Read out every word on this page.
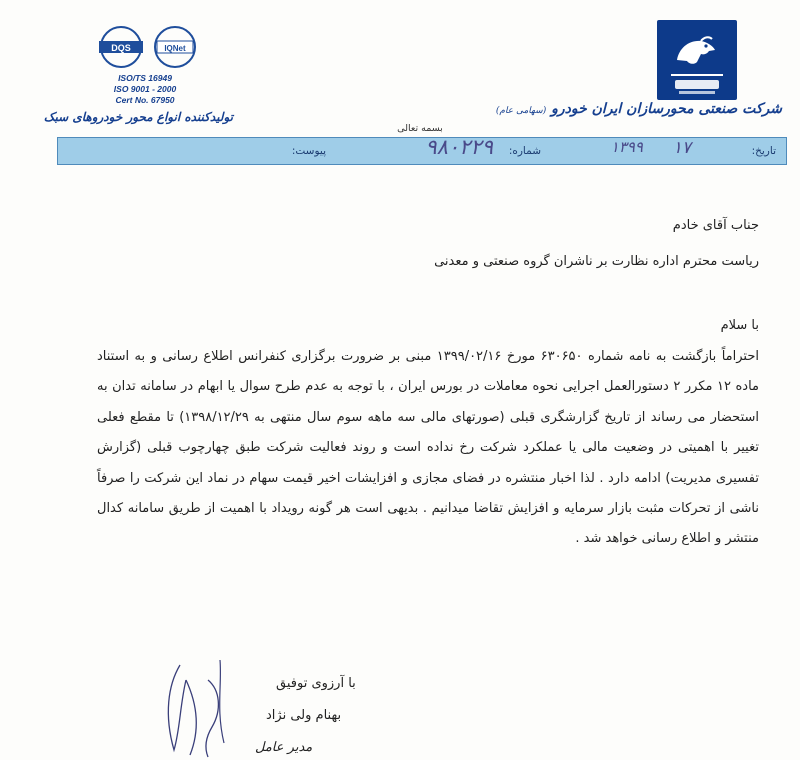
شرکت صنعتی محورسازان ایران خودرو (سهامی عام)
DQS	IQNet
ISO/TS 16949
ISO 9001 - 2000
Cert No. 67950
تولیدکننده انواع محور خودروهای سبک
بسمه تعالی
تاریخ:
۱۷
۱۳۹۹
شماره:
۹۸۰۲۲۹
پیوست:
جناب آقای خادم
ریاست محترم اداره نظارت بر ناشران گروه صنعتی و معدنی
با سلام
احتراماً بازگشت به نامه شماره ۶۳۰۶۵۰ مورخ ۱۳۹۹/۰۲/۱۶ مبنی بر ضرورت برگزاری کنفرانس اطلاع رسانی و به استناد ماده ۱۲ مکرر ۲ دستورالعمل اجرایی نحوه معاملات در بورس ایران ، با توجه به عدم طرح سوال یا ابهام در سامانه تدان به استحضار می رساند از تاریخ گزارشگری قبلی (صورتهای مالی سه ماهه سوم سال منتهی به ۱۳۹۸/۱۲/۲۹) تا مقطع فعلی تغییر با اهمیتی در وضعیت مالی یا عملکرد شرکت رخ نداده است و روند فعالیت شرکت طبق چهارچوب قبلی (گزارش تفسیری مدیریت) ادامه دارد . لذا اخبار منتشره در فضای مجازی و افزایشات اخیر قیمت سهام در نماد این شرکت را صرفاً ناشی از تحرکات مثبت بازار سرمایه و افزایش تقاضا میدانیم . بدیهی است هر گونه رویداد با اهمیت از طریق سامانه کدال منتشر و اطلاع رسانی خواهد شد .
با آرزوی توفیق
بهنام ولی نژاد
مدیر عامل
